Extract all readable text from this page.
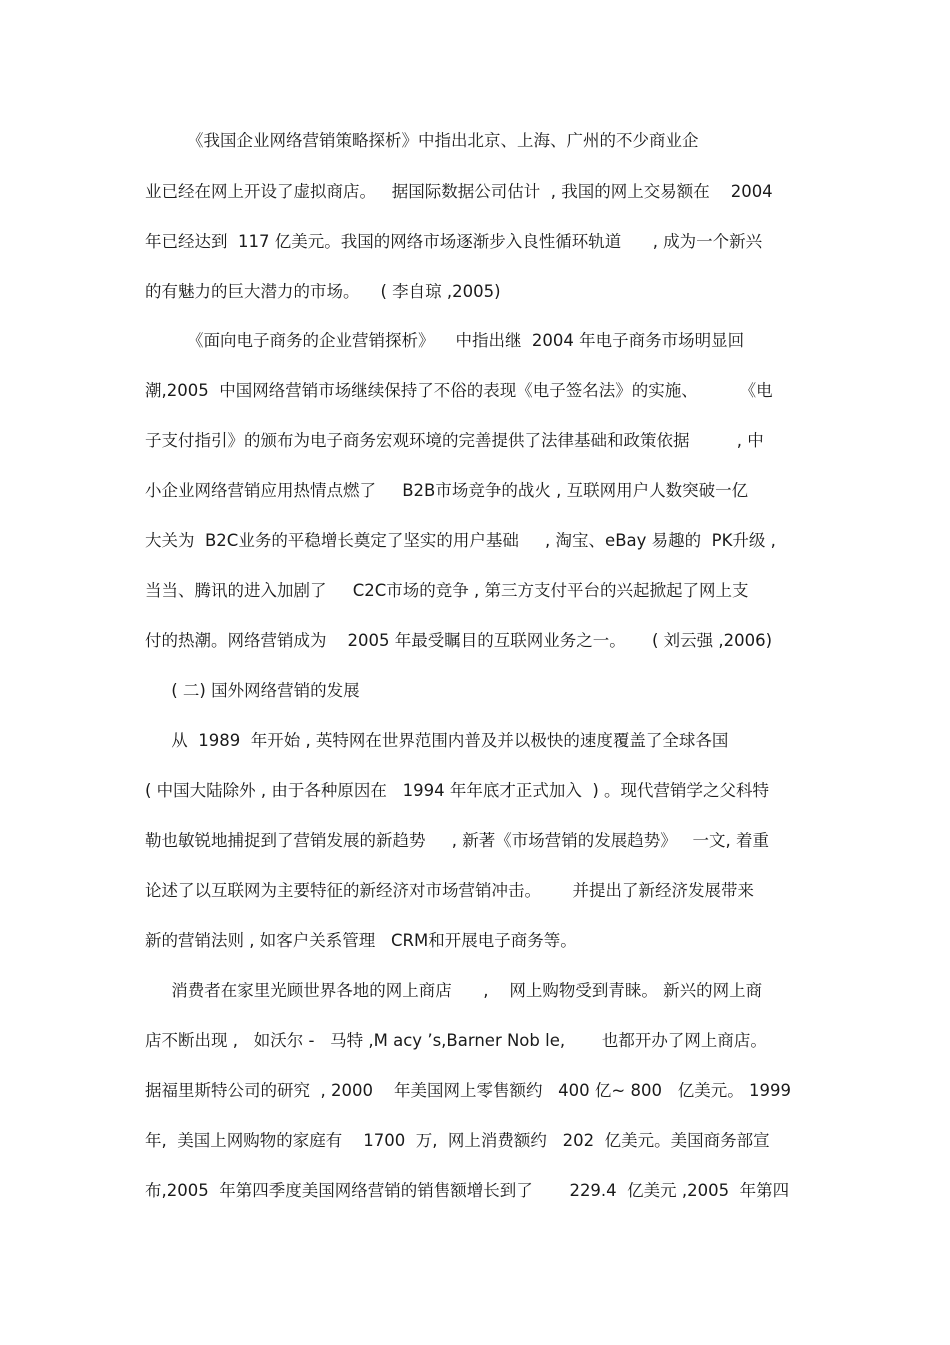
《我国企业网络营销策略探析》中指出北京、上海、广州的不少商业企
业已经在网上开设了虚拟商店。   据国际数据公司估计  , 我国的网上交易额在    2004
年已经达到  117 亿美元。我国的网络市场逐渐步入良性循环轨道      , 成为一个新兴
的有魅力的巨大潜力的市场。    ( 李自琼 ,2005)
《面向电子商务的企业营销探析》    中指出继  2004 年电子商务市场明显回
潮,2005  中国网络营销市场继续保持了不俗的表现《电子签名法》的实施、        《电
子支付指引》的颁布为电子商务宏观环境的完善提供了法律基础和政策依据         , 中
小企业网络营销应用热情点燃了     B2B市场竞争的战火 , 互联网用户人数突破一亿
大关为  B2C业务的平稳增长奠定了坚实的用户基础     , 淘宝、eBay 易趣的  PK升级 ,
当当、腾讯的进入加剧了     C2C市场的竞争 , 第三方支付平台的兴起掀起了网上支
付的热潮。网络营销成为    2005 年最受瞩目的互联网业务之一。     ( 刘云强 ,2006)
( 二) 国外网络营销的发展
从  1989  年开始 , 英特网在世界范围内普及并以极快的速度覆盖了全球各国
( 中国大陆除外 , 由于各种原因在   1994 年年底才正式加入  ) 。现代营销学之父科特
勒也敏锐地捕捉到了营销发展的新趋势     , 新著《市场营销的发展趋势》   一文, 着重
论述了以互联网为主要特征的新经济对市场营销冲击。      并提出了新经济发展带来
新的营销法则 , 如客户关系管理   CRM和开展电子商务等。
消费者在家里光顾世界各地的网上商店      ,    网上购物受到青睐。 新兴的网上商
店不断出现 ,   如沃尔 -   马特 ,M acy ’s,Barner Nob le,       也都开办了网上商店。
据福里斯特公司的研究  , 2000    年美国网上零售额约   400 亿~ 800   亿美元。 1999
年,  美国上网购物的家庭有    1700  万,  网上消费额约   202  亿美元。美国商务部宣
布,2005  年第四季度美国网络营销的销售额增长到了       229.4  亿美元 ,2005  年第四
